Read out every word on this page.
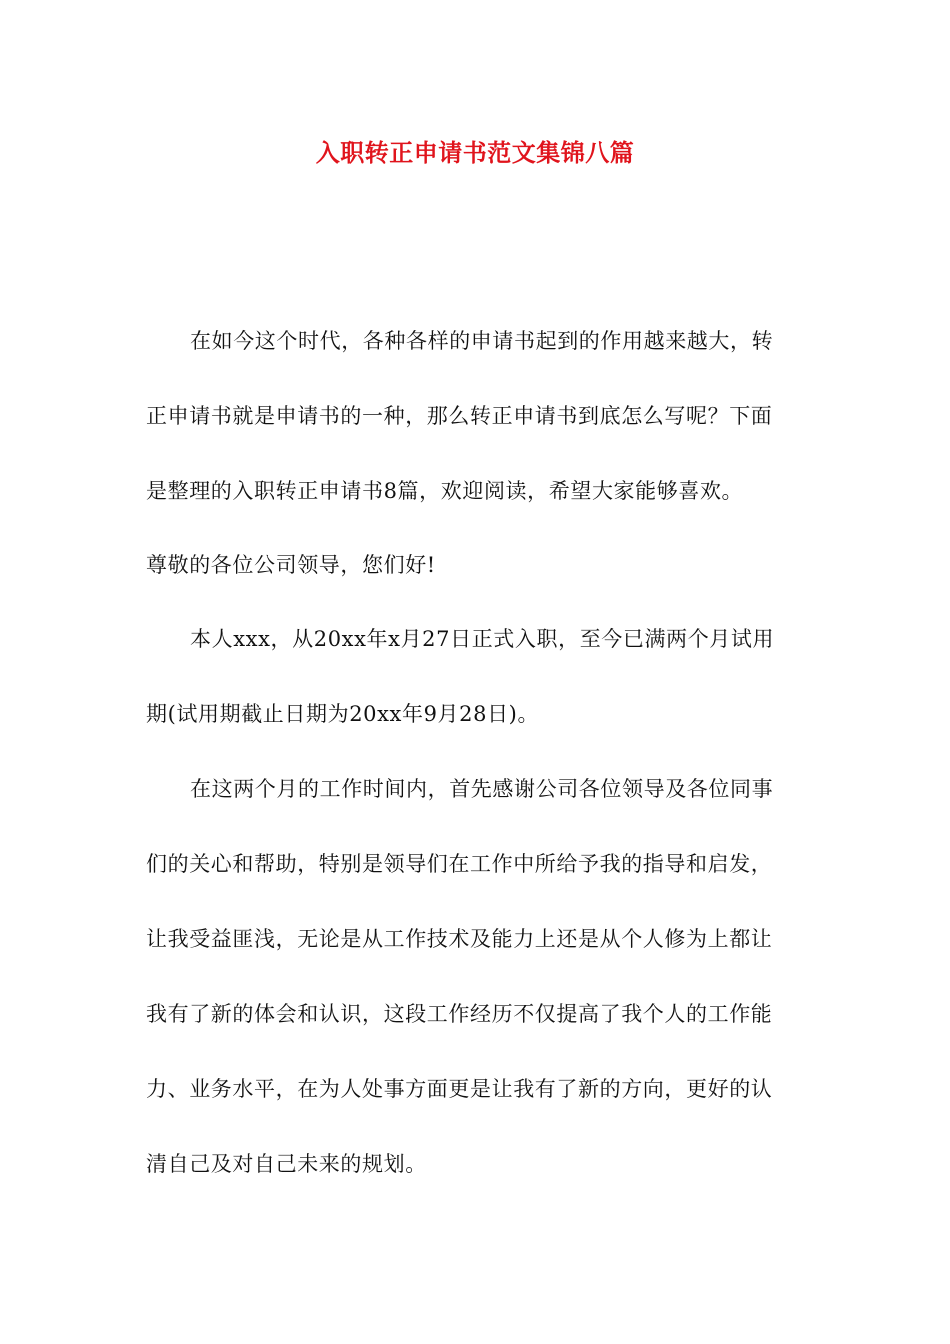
入职转正申请书范文集锦八篇
在如今这个时代，各种各样的申请书起到的作用越来越大，转
正申请书就是申请书的一种，那么转正申请书到底怎么写呢？下面
是整理的入职转正申请书8篇，欢迎阅读，希望大家能够喜欢。
尊敬的各位公司领导，您们好!
本人xxx，从20xx年x月27日正式入职，至今已满两个月试用
期(试用期截止日期为20xx年9月28日)。
在这两个月的工作时间内，首先感谢公司各位领导及各位同事
们的关心和帮助，特别是领导们在工作中所给予我的指导和启发，
让我受益匪浅，无论是从工作技术及能力上还是从个人修为上都让
我有了新的体会和认识，这段工作经历不仅提高了我个人的工作能
力、业务水平，在为人处事方面更是让我有了新的方向，更好的认
清自己及对自己未来的规划。
